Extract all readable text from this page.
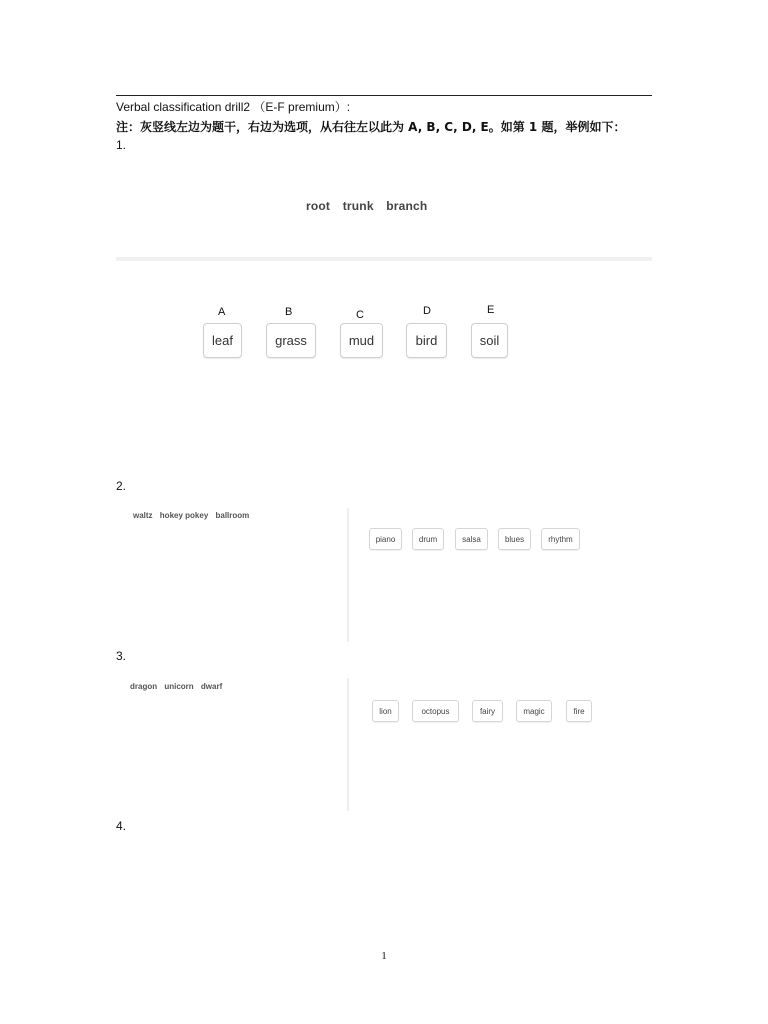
Verbal classification drill2 （E-F premium）:
注：灰竖线左边为题干，右边为选项，从右往左以此为 A, B, C, D, E。如第 1 题，举例如下：
1.
root trunk branch
A	B	C	D	E
leaf	grass	mud	bird	soil
2.
waltz hokey pokey ballroom
piano	drum	salsa	blues	rhythm
3.
dragon unicorn dwarf
lion	octopus	fairy	magic	fire
4.
1
